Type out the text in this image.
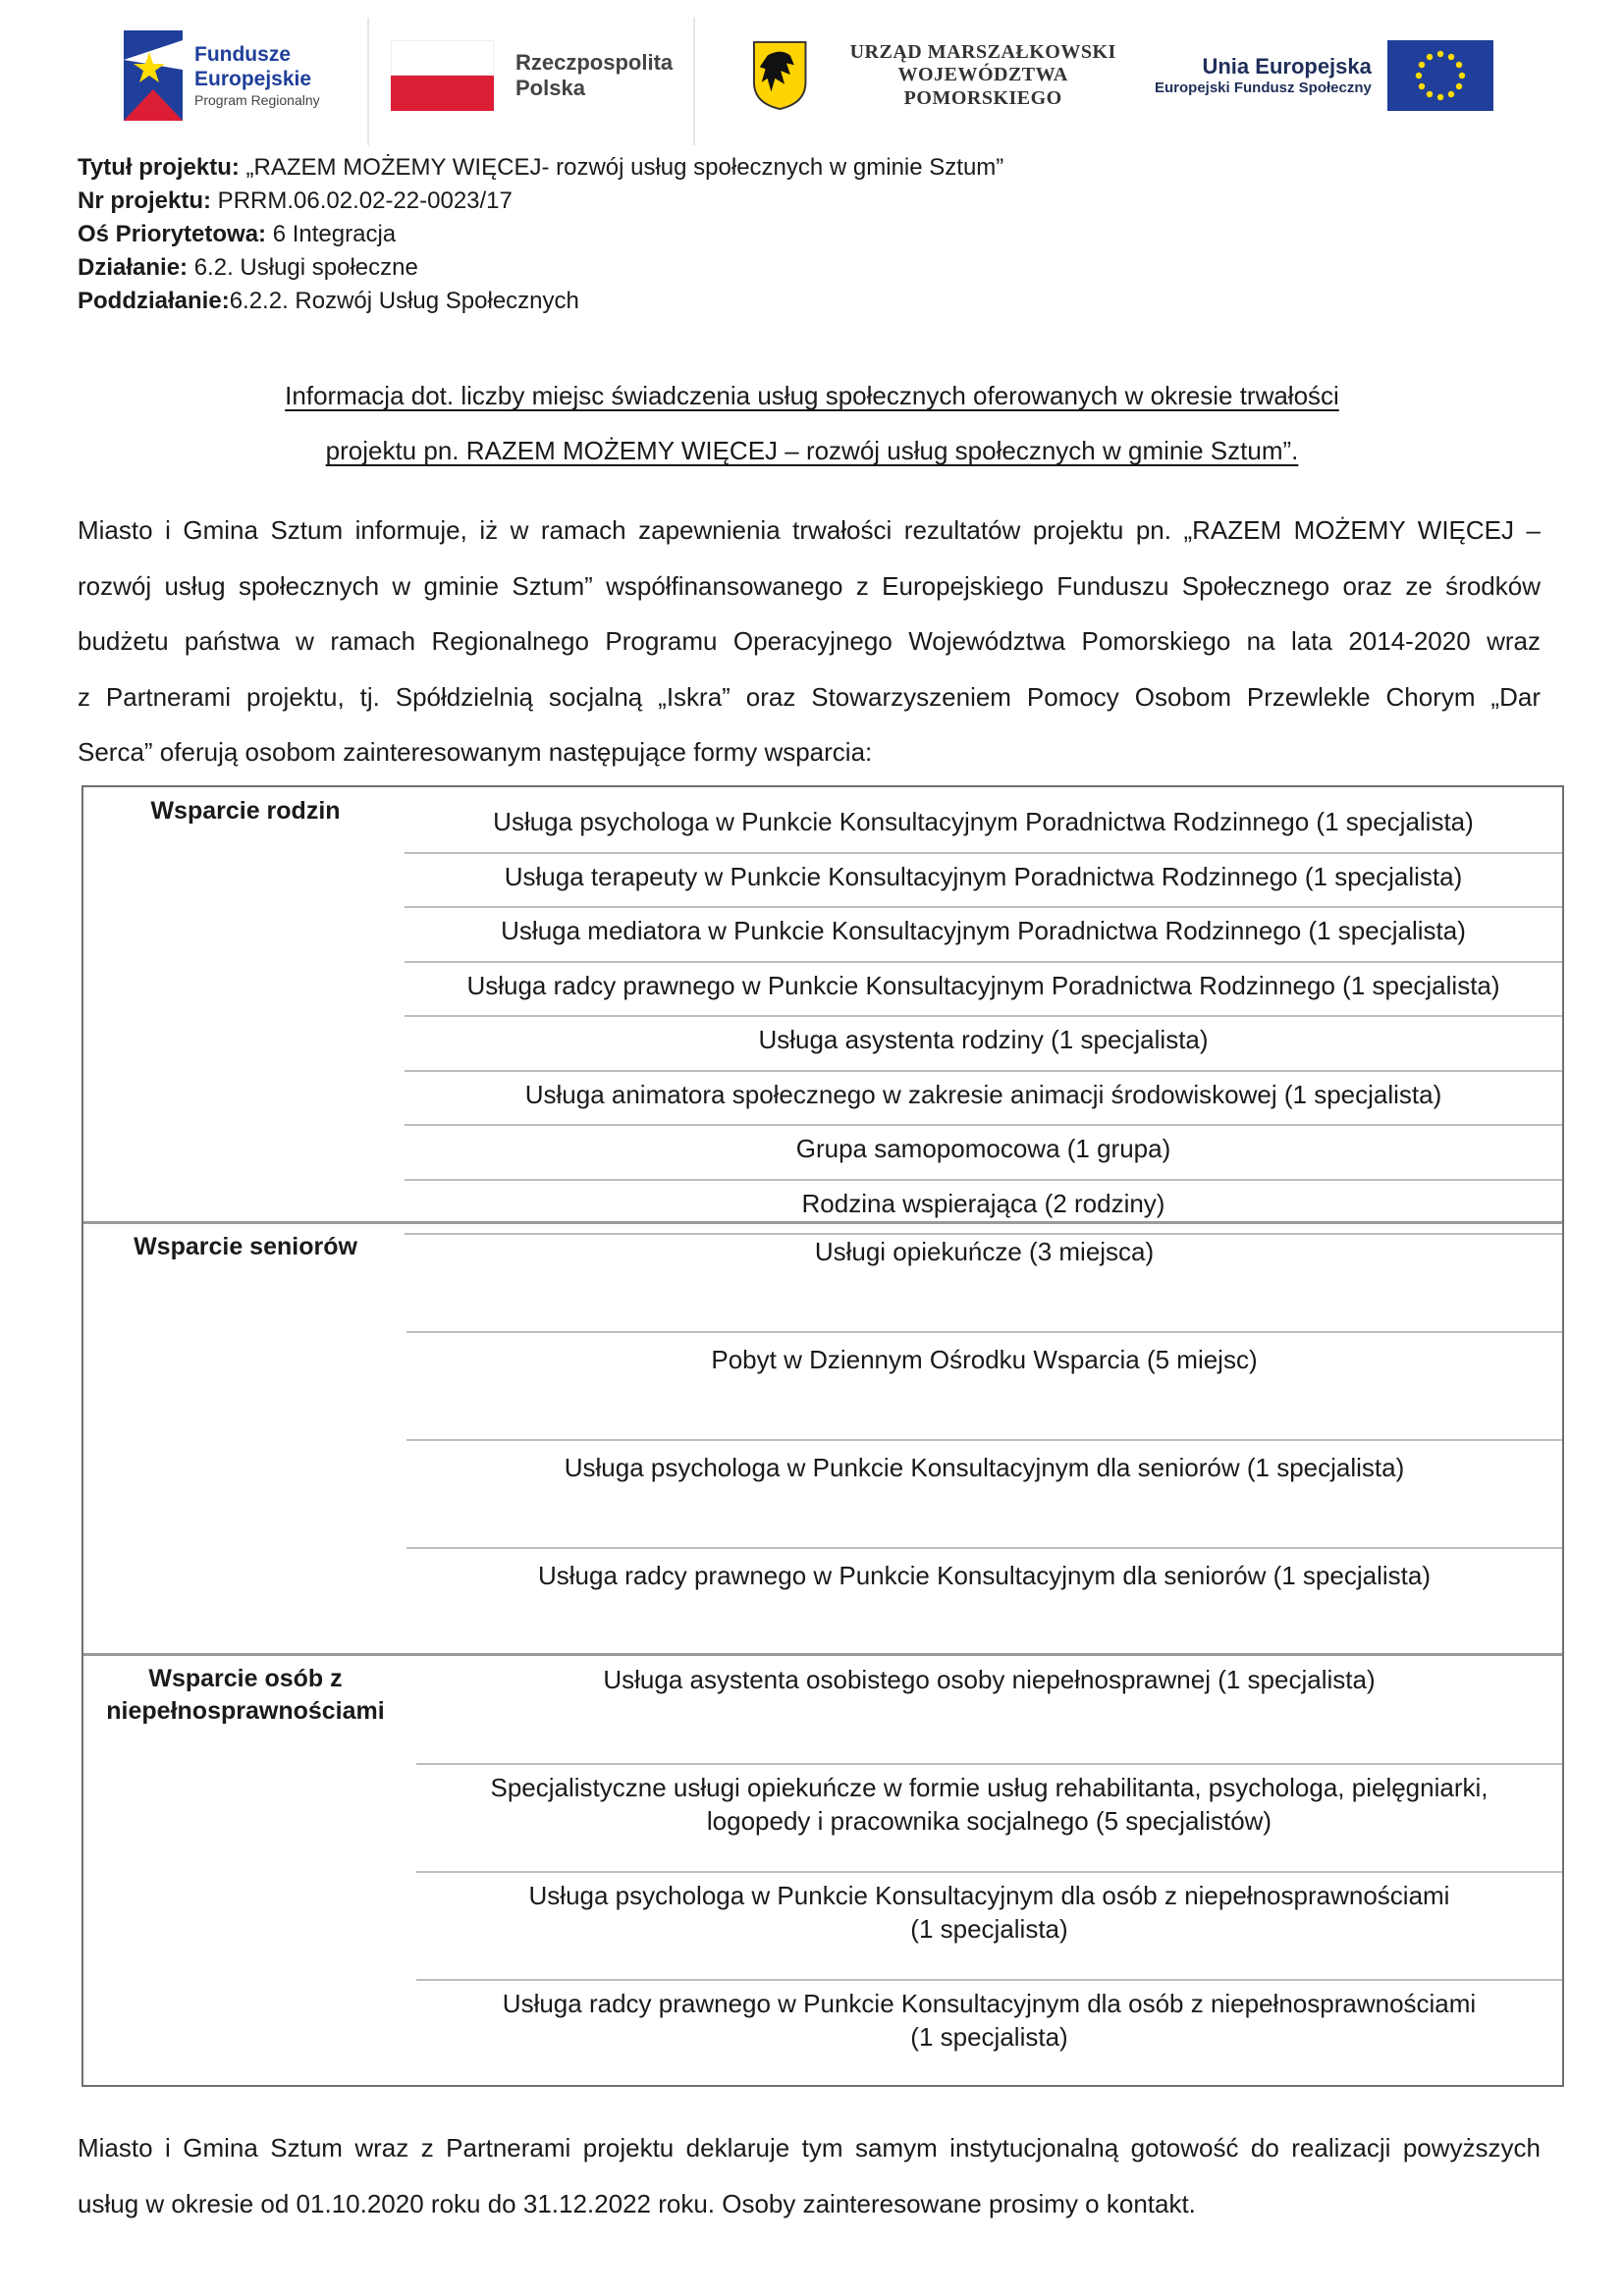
Fundusze
Europejskie
Program Regionalny
Rzeczpospolita
Polska
URZĄD MARSZAŁKOWSKI
WOJEWÓDZTWA POMORSKIEGO
Unia Europejska
Europejski Fundusz Społeczny
Tytuł projektu: „RAZEM MOŻEMY WIĘCEJ- rozwój usług społecznych w gminie Sztum”
Nr projektu: PRRM.06.02.02-22-0023/17
Oś Priorytetowa: 6 Integracja
Działanie: 6.2. Usługi społeczne
Poddziałanie:6.2.2. Rozwój Usług Społecznych
Informacja dot. liczby miejsc świadczenia usług społecznych oferowanych w okresie trwałości
projektu pn. RAZEM MOŻEMY WIĘCEJ – rozwój usług społecznych w gminie Sztum”.
Miasto i Gmina Sztum informuje, iż w ramach zapewnienia trwałości rezultatów projektu pn. „RAZEM MOŻEMY WIĘCEJ –
rozwój usług społecznych w gminie Sztum” współfinansowanego z Europejskiego Funduszu Społecznego oraz ze środków
budżetu państwa w ramach Regionalnego Programu Operacyjnego Województwa Pomorskiego na lata 2014-2020 wraz
z Partnerami projektu, tj. Spółdzielnią socjalną „Iskra” oraz Stowarzyszeniem Pomocy Osobom Przewlekle Chorym „Dar
Serca” oferują osobom zainteresowanym następujące formy wsparcia:
Wsparcie rodzin	Usługa psychologa w Punkcie Konsultacyjnym Poradnictwa Rodzinnego (1 specjalista)
Usługa terapeuty w Punkcie Konsultacyjnym Poradnictwa Rodzinnego (1 specjalista)
Usługa mediatora w Punkcie Konsultacyjnym Poradnictwa Rodzinnego (1 specjalista)
Usługa radcy prawnego w Punkcie Konsultacyjnym Poradnictwa Rodzinnego (1 specjalista)
Usługa asystenta rodziny (1 specjalista)
Usługa animatora społecznego w zakresie animacji środowiskowej (1 specjalista)
Grupa samopomocowa (1 grupa)
Rodzina wspierająca (2 rodziny)
Wsparcie seniorów	Usługi opiekuńcze (3 miejsca)
Pobyt w Dziennym Ośrodku Wsparcia (5 miejsc)
Usługa psychologa w Punkcie Konsultacyjnym dla seniorów (1 specjalista)
Usługa radcy prawnego w Punkcie Konsultacyjnym dla seniorów (1 specjalista)
Wsparcie osób z
niepełnosprawnościami
Usługa asystenta osobistego osoby niepełnosprawnej (1 specjalista)
Specjalistyczne usługi opiekuńcze w formie usług rehabilitanta, psychologa, pielęgniarki,
logopedy i pracownika socjalnego (5 specjalistów)
Usługa psychologa w Punkcie Konsultacyjnym dla osób z niepełnosprawnościami
(1 specjalista)
Usługa radcy prawnego w Punkcie Konsultacyjnym dla osób z niepełnosprawnościami
(1 specjalista)
Miasto i Gmina Sztum wraz z Partnerami projektu deklaruje tym samym instytucjonalną gotowość do realizacji powyższych
usług w okresie od 01.10.2020 roku do 31.12.2022 roku. Osoby zainteresowane prosimy o kontakt.
